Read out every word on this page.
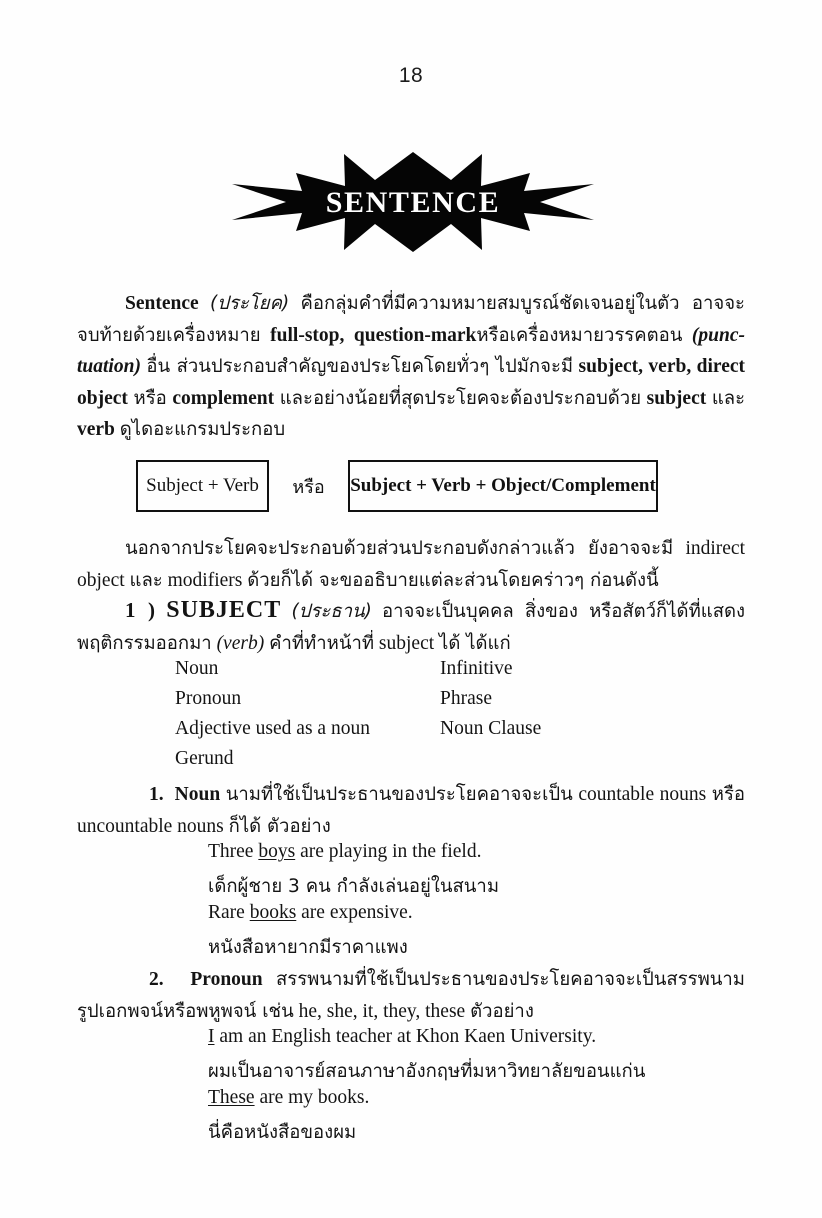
18
SENTENCE

Sentence (ประโยค) คือกลุ่มคำที่มีความหมายสมบูรณ์ชัดเจนอยู่ในตัว อาจจะ จบท้ายด้วยเครื่องหมาย full-stop, question-markหรือเครื่องหมายวรรคตอน (punc-tuation) อื่น ส่วนประกอบสำคัญของประโยคโดยทั่วๆ ไปมักจะมี subject, verb, direct object หรือ complement และอย่างน้อยที่สุดประโยคจะต้องประกอบด้วย subject และ verb ดูไดอะแกรมประกอบ

Subject + Verb	หรือ	Subject + Verb + Object/Complement

นอกจากประโยคจะประกอบด้วยส่วนประกอบดังกล่าวแล้ว ยังอาจจะมี indirect object และ modifiers ด้วยก็ได้ จะขออธิบายแต่ละส่วนโดยคร่าวๆ ก่อนดังนี้

1 ) SUBJECT (ประธาน) อาจจะเป็นบุคคล สิ่งของ หรือสัตว์ก็ได้ที่แสดง พฤติกรรมออกมา (verb) คำที่ทำหน้าที่ subject ได้ ได้แก่

Noun	Infinitive
Pronoun	Phrase
Adjective used as a noun	Noun Clause
Gerund

1. Noun นามที่ใช้เป็นประธานของประโยคอาจจะเป็น countable nouns หรือ uncountable nouns ก็ได้ ตัวอย่าง

Three boys are playing in the field.
เด็กผู้ชาย 3 คน กำลังเล่นอยู่ในสนาม
Rare books are expensive.
หนังสือหายากมีราคาแพง

2. Pronoun สรรพนามที่ใช้เป็นประธานของประโยคอาจจะเป็นสรรพนาม รูปเอกพจน์หรือพหูพจน์ เช่น he, she, it, they, these ตัวอย่าง

I am an English teacher at Khon Kaen University.
ผมเป็นอาจารย์สอนภาษาอังกฤษที่มหาวิทยาลัยขอนแก่น
These are my books.
นี่คือหนังสือของผม
